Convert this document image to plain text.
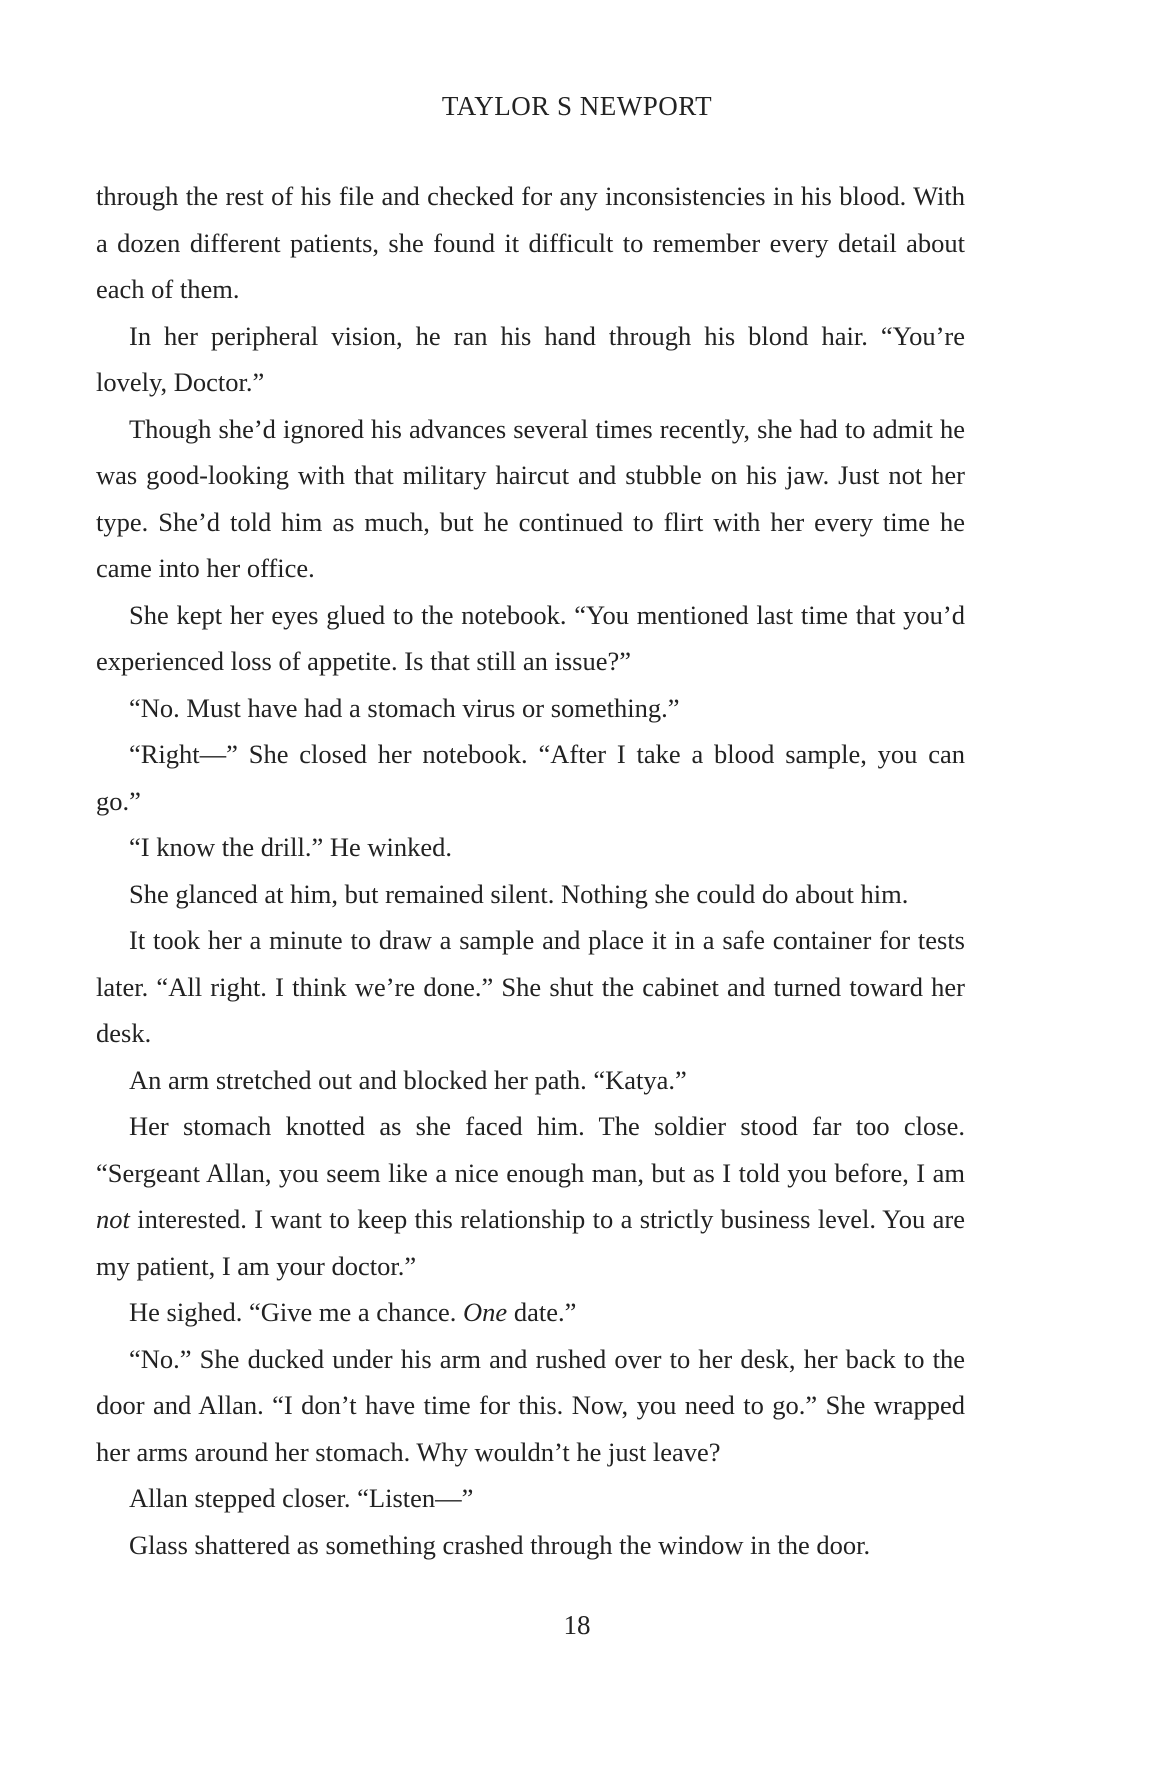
TAYLOR S NEWPORT

through the rest of his file and checked for any inconsistencies in his blood. With a dozen different patients, she found it difficult to remember every detail about each of them.

In her peripheral vision, he ran his hand through his blond hair. “You’re lovely, Doctor.”

Though she’d ignored his advances several times recently, she had to admit he was good-looking with that military haircut and stubble on his jaw. Just not her type. She’d told him as much, but he continued to flirt with her every time he came into her office.

She kept her eyes glued to the notebook. “You mentioned last time that you’d experienced loss of appetite. Is that still an issue?”

“No. Must have had a stomach virus or something.”

“Right—” She closed her notebook. “After I take a blood sample, you can go.”

“I know the drill.” He winked.

She glanced at him, but remained silent. Nothing she could do about him.

It took her a minute to draw a sample and place it in a safe container for tests later. “All right. I think we’re done.” She shut the cabinet and turned toward her desk.

An arm stretched out and blocked her path. “Katya.”

Her stomach knotted as she faced him. The soldier stood far too close. “Sergeant Allan, you seem like a nice enough man, but as I told you before, I am not interested. I want to keep this relationship to a strictly business level. You are my patient, I am your doctor.”

He sighed. “Give me a chance. One date.”

“No.” She ducked under his arm and rushed over to her desk, her back to the door and Allan. “I don’t have time for this. Now, you need to go.” She wrapped her arms around her stomach. Why wouldn’t he just leave?

Allan stepped closer. “Listen—”

Glass shattered as something crashed through the window in the door.

18
